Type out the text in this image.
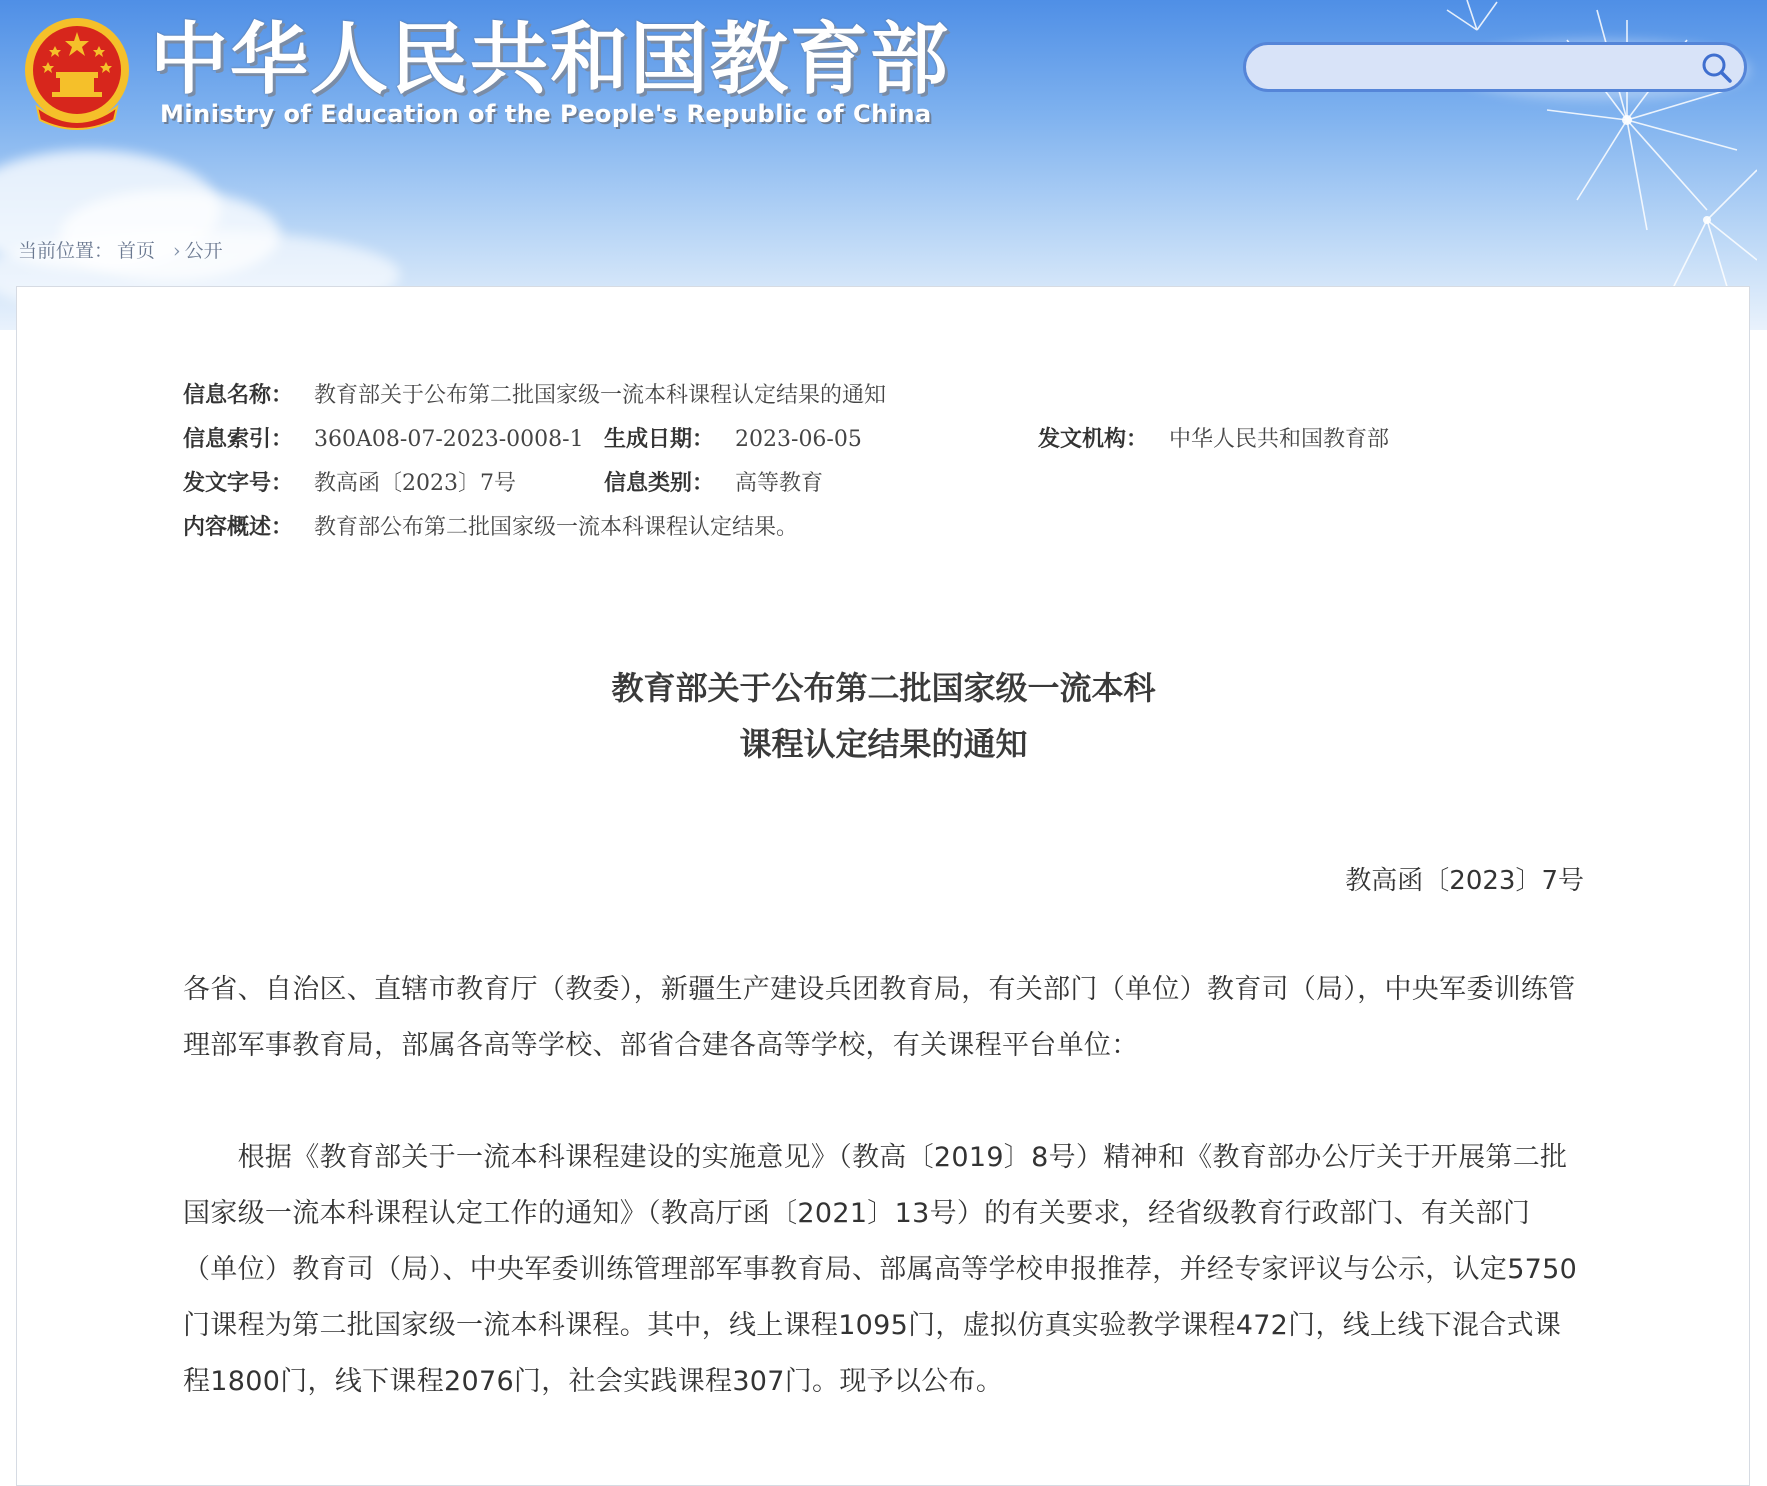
中华人民共和国教育部

Ministry of Education of the People's Republic of China

当前位置： 首页 › 公开
信息名称： 教育部关于公布第二批国家级一流本科课程认定结果的通知
信息索引： 360A08-07-2023-0008-1 生成日期： 2023-06-05	发文机构： 中华人民共和国教育部
发文字号： 教高函〔2023〕7号	信息类别： 高等教育
内容概述： 教育部公布第二批国家级一流本科课程认定结果。
教育部关于公布第二批国家级一流本科
课程认定结果的通知
教高函〔2023〕7号

各省、自治区、直辖市教育厅（教委），新疆生产建设兵团教育局，有关部门（单位）教育司（局），中央军委训练管理部军事教育局，部属各高等学校、部省合建各高等学校，有关课程平台单位：

　　根据《教育部关于一流本科课程建设的实施意见》（教高〔2019〕8号）精神和《教育部办公厅关于开展第二批国家级一流本科课程认定工作的通知》（教高厅函〔2021〕13号）的有关要求，经省级教育行政部门、有关部门（单位）教育司（局）、中央军委训练管理部军事教育局、部属高等学校申报推荐，并经专家评议与公示，认定5750门课程为第二批国家级一流本科课程。其中，线上课程1095门，虚拟仿真实验教学课程472门，线上线下混合式课程1800门，线下课程2076门，社会实践课程307门。现予以公布。
